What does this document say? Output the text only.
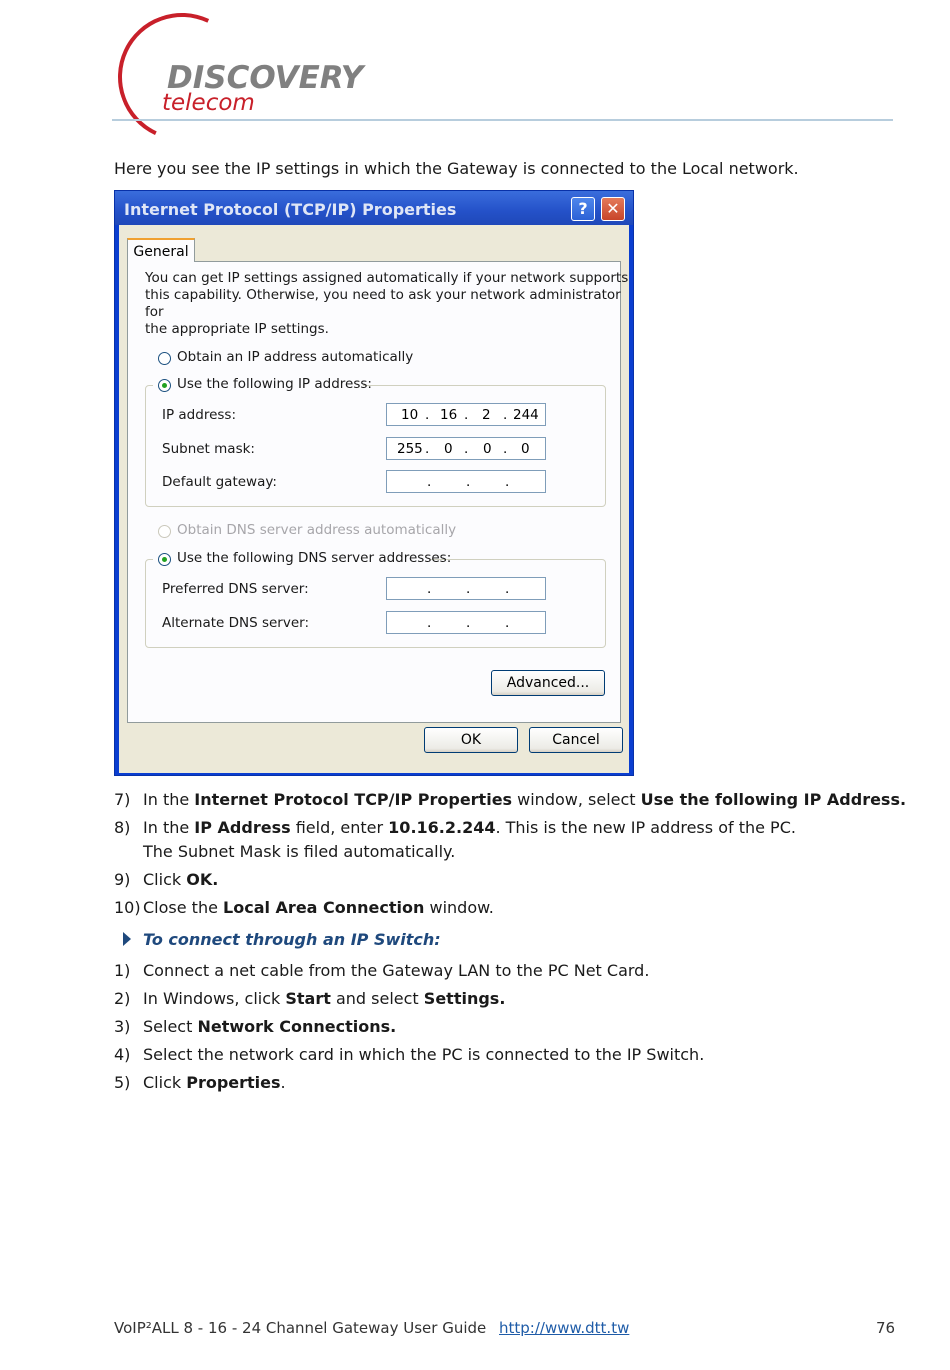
DISCOVERY
telecom
Here you see the IP settings in which the Gateway is connected to the Local network.
Internet Protocol (TCP/IP) Properties	?	✕
General
You can get IP settings assigned automatically if your network supports
this capability. Otherwise, you need to ask your network administrator for
the appropriate IP settings.
Obtain an IP address automatically
Use the following IP address:
IP address:	10 . 16 . 2 . 244
Subnet mask:	255 . 0 . 0 . 0
Default gateway:	.	.	.
Obtain DNS server address automatically
Use the following DNS server addresses:
Preferred DNS server:	.	.	.
Alternate DNS server:	.	.	.
Advanced...
OK	Cancel
7) In the Internet Protocol TCP/IP Properties window, select Use the following IP Address.
8) In the IP Address field, enter 10.16.2.244. This is the new IP address of the PC.
The Subnet Mask is filed automatically.
9) Click OK.
10) Close the Local Area Connection window.
To connect through an IP Switch:
1) Connect a net cable from the Gateway LAN to the PC Net Card.
2) In Windows, click Start and select Settings.
3) Select Network Connections.
4) Select the network card in which the PC is connected to the IP Switch.
5) Click Properties.
VoIP²ALL 8 - 16 - 24 Channel Gateway User Guide http://www.dtt.tw	76
